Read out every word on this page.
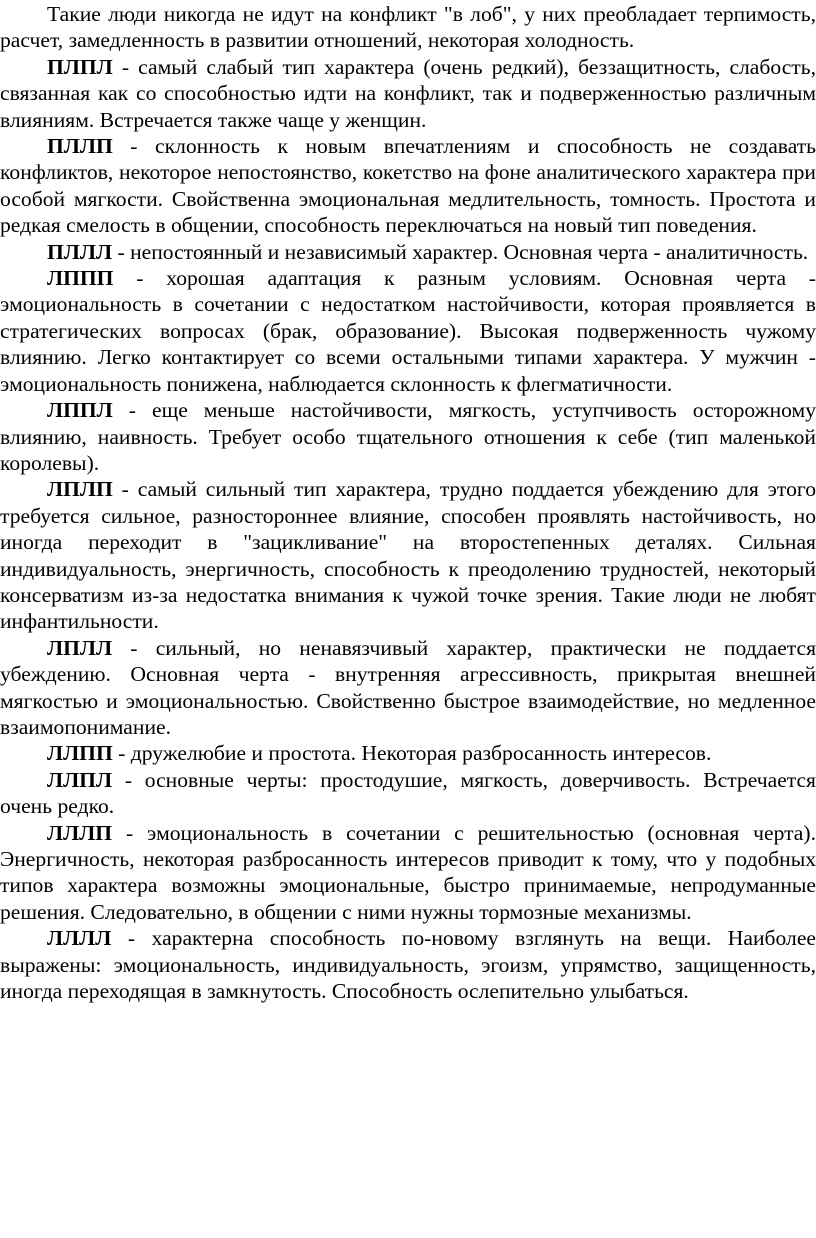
Такие люди никогда не идут на конфликт "в лоб", у них преобладает терпимость, расчет, замедленность в развитии отношений, некоторая холодность.

ПЛПЛ - самый слабый тип характера (очень редкий), беззащитность, слабость, связанная как со способностью идти на конфликт, так и подверженностью различным влияниям. Встречается также чаще у женщин.

ПЛЛП - склонность к новым впечатлениям и способность не создавать конфликтов, некоторое непостоянство, кокетство на фоне аналитического характера при особой мягкости. Свойственна эмоциональная медлительность, томность. Простота и редкая смелость в общении, способность переключаться на новый тип поведения.

ПЛЛЛ - непостоянный и независимый характер. Основная черта - аналитичность.

ЛППП - хорошая адаптация к разным условиям. Основная черта - эмоциональность в сочетании с недостатком настойчивости, которая проявляется в стратегических вопросах (брак, образование). Высокая подверженность чужому влиянию. Легко контактирует со всеми остальными типами характера. У мужчин - эмоциональность понижена, наблюдается склонность к флегматичности.

ЛППЛ - еще меньше настойчивости, мягкость, уступчивость осторожному влиянию, наивность. Требует особо тщательного отношения к себе (тип маленькой королевы).

ЛПЛП - самый сильный тип характера, трудно поддается убеждению для этого требуется сильное, разностороннее влияние, способен проявлять настойчивость, но иногда переходит в "зацикливание" на второстепенных деталях. Сильная индивидуальность, энергичность, способность к преодолению трудностей, некоторый консерватизм из-за недостатка внимания к чужой точке зрения. Такие люди не любят инфантильности.

ЛПЛЛ - сильный, но ненавязчивый характер, практически не поддается убеждению. Основная черта - внутренняя агрессивность, прикрытая внешней мягкостью и эмоциональностью. Свойственно быстрое взаимодействие, но медленное взаимопонимание.

ЛЛПП - дружелюбие и простота. Некоторая разбросанность интересов.

ЛЛПЛ - основные черты: простодушие, мягкость, доверчивость. Встречается очень редко.

ЛЛЛП - эмоциональность в сочетании с решительностью (основная черта). Энергичность, некоторая разбросанность интересов приводит к тому, что у подобных типов характера возможны эмоциональные, быстро принимаемые, непродуманные решения. Следовательно, в общении с ними нужны тормозные механизмы.

ЛЛЛЛ - характерна способность по-новому взглянуть на вещи. Наиболее выражены: эмоциональность, индивидуальность, эгоизм, упрямство, защищенность, иногда переходящая в замкнутость. Способность ослепительно улыбаться.
